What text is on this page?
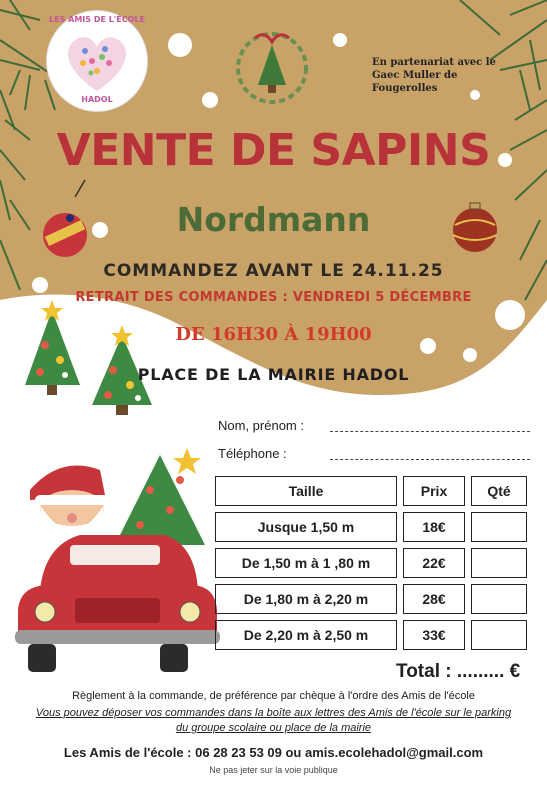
LES AMIS DE L'ÉCOLE
HADOL
En partenariat avec le
Gaec Muller de Fougerolles
VENTE DE SAPINS
Nordmann
COMMANDEZ AVANT LE 24.11.25
RETRAIT DES COMMANDES : VENDREDI 5 DÉCEMBRE
DE 16H30 À 19H00
PLACE DE LA MAIRIE HADOL
Nom, prénom :
Téléphone :
Taille	Prix	Qté
Jusque 1,50 m	18€	
De 1,50 m à 1 ,80 m	22€	
De 1,80 m à 2,20 m	28€	
De 2,20 m à 2,50 m	33€	
Total : ......... €
Règlement à la commande, de préférence par chèque à l'ordre des Amis de l'école
Vous pouvez déposer vos commandes dans la boîte aux lettres des Amis de l'école sur le parking
du groupe scolaire ou place de la mairie
Les Amis de l'école : 06 28 23 53 09 ou amis.ecolehadol@gmail.com
Ne pas jeter sur la voie publique
